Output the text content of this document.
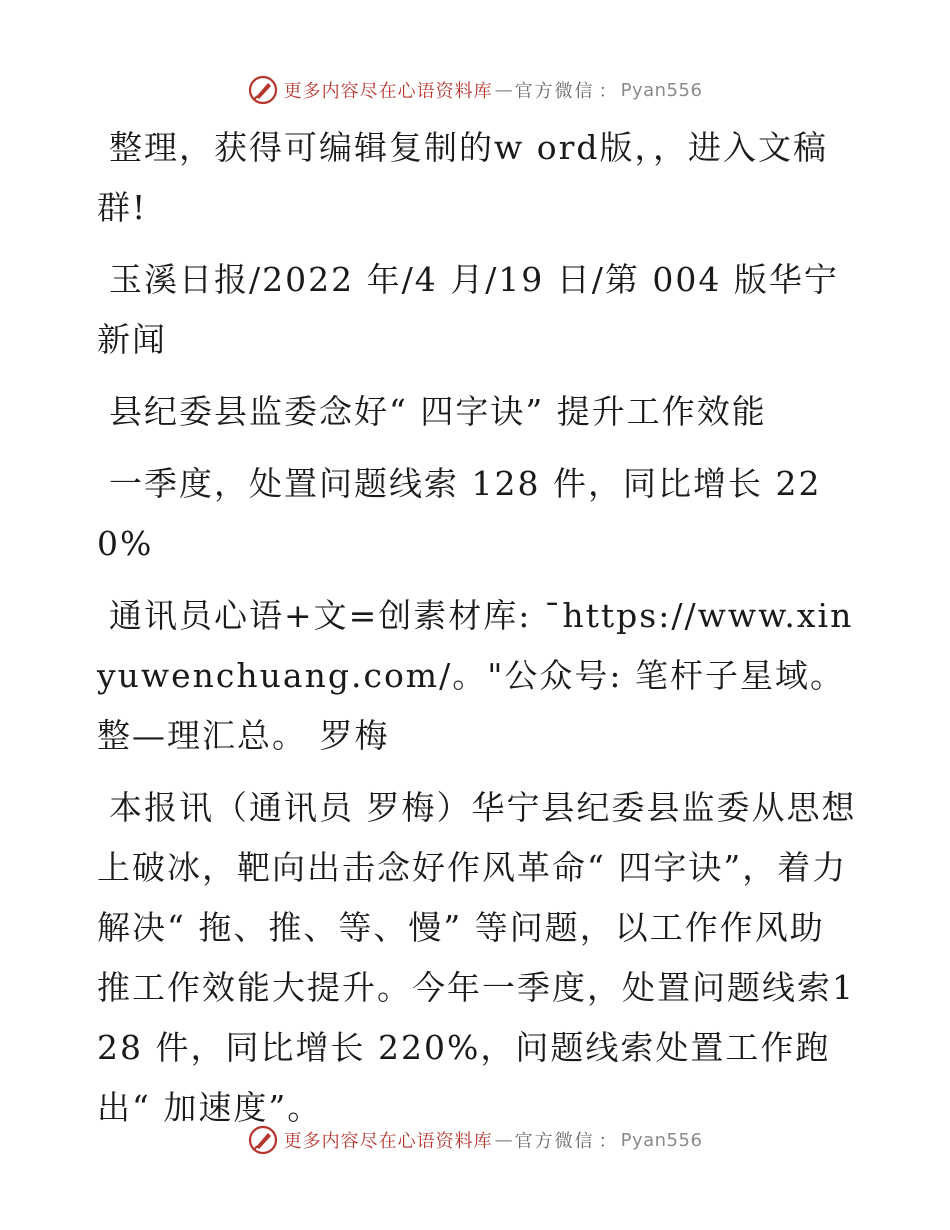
更多内容尽在心语资料库 — 官方微信 ： Pyan556

整理，获得可编辑复制的w ord版，，进入文稿群!

玉溪日报/2022 年/4 月/19 日/第 004 版华宁新闻

县纪委县监委念好“ 四字诀” 提升工作效能

一季度，处置问题线索 128 件，同比增长 220%

通讯员心语+文=创素材库: ¯https://www.xinyuwenchuang.com/。"公众号: 笔杆子星域。整—理汇总。 罗梅

本报讯（通讯员 罗梅）华宁县纪委县监委从思想上破冰，靶向出击念好作风革命“ 四字诀”，着力解决“ 拖、推、等、慢” 等问题，以工作作风助推工作效能大提升。今年一季度，处置问题线索128 件，同比增长 220%，问题线索处置工作跑出“ 加速度”。

更多内容尽在心语资料库 — 官方微信 ： Pyan556
